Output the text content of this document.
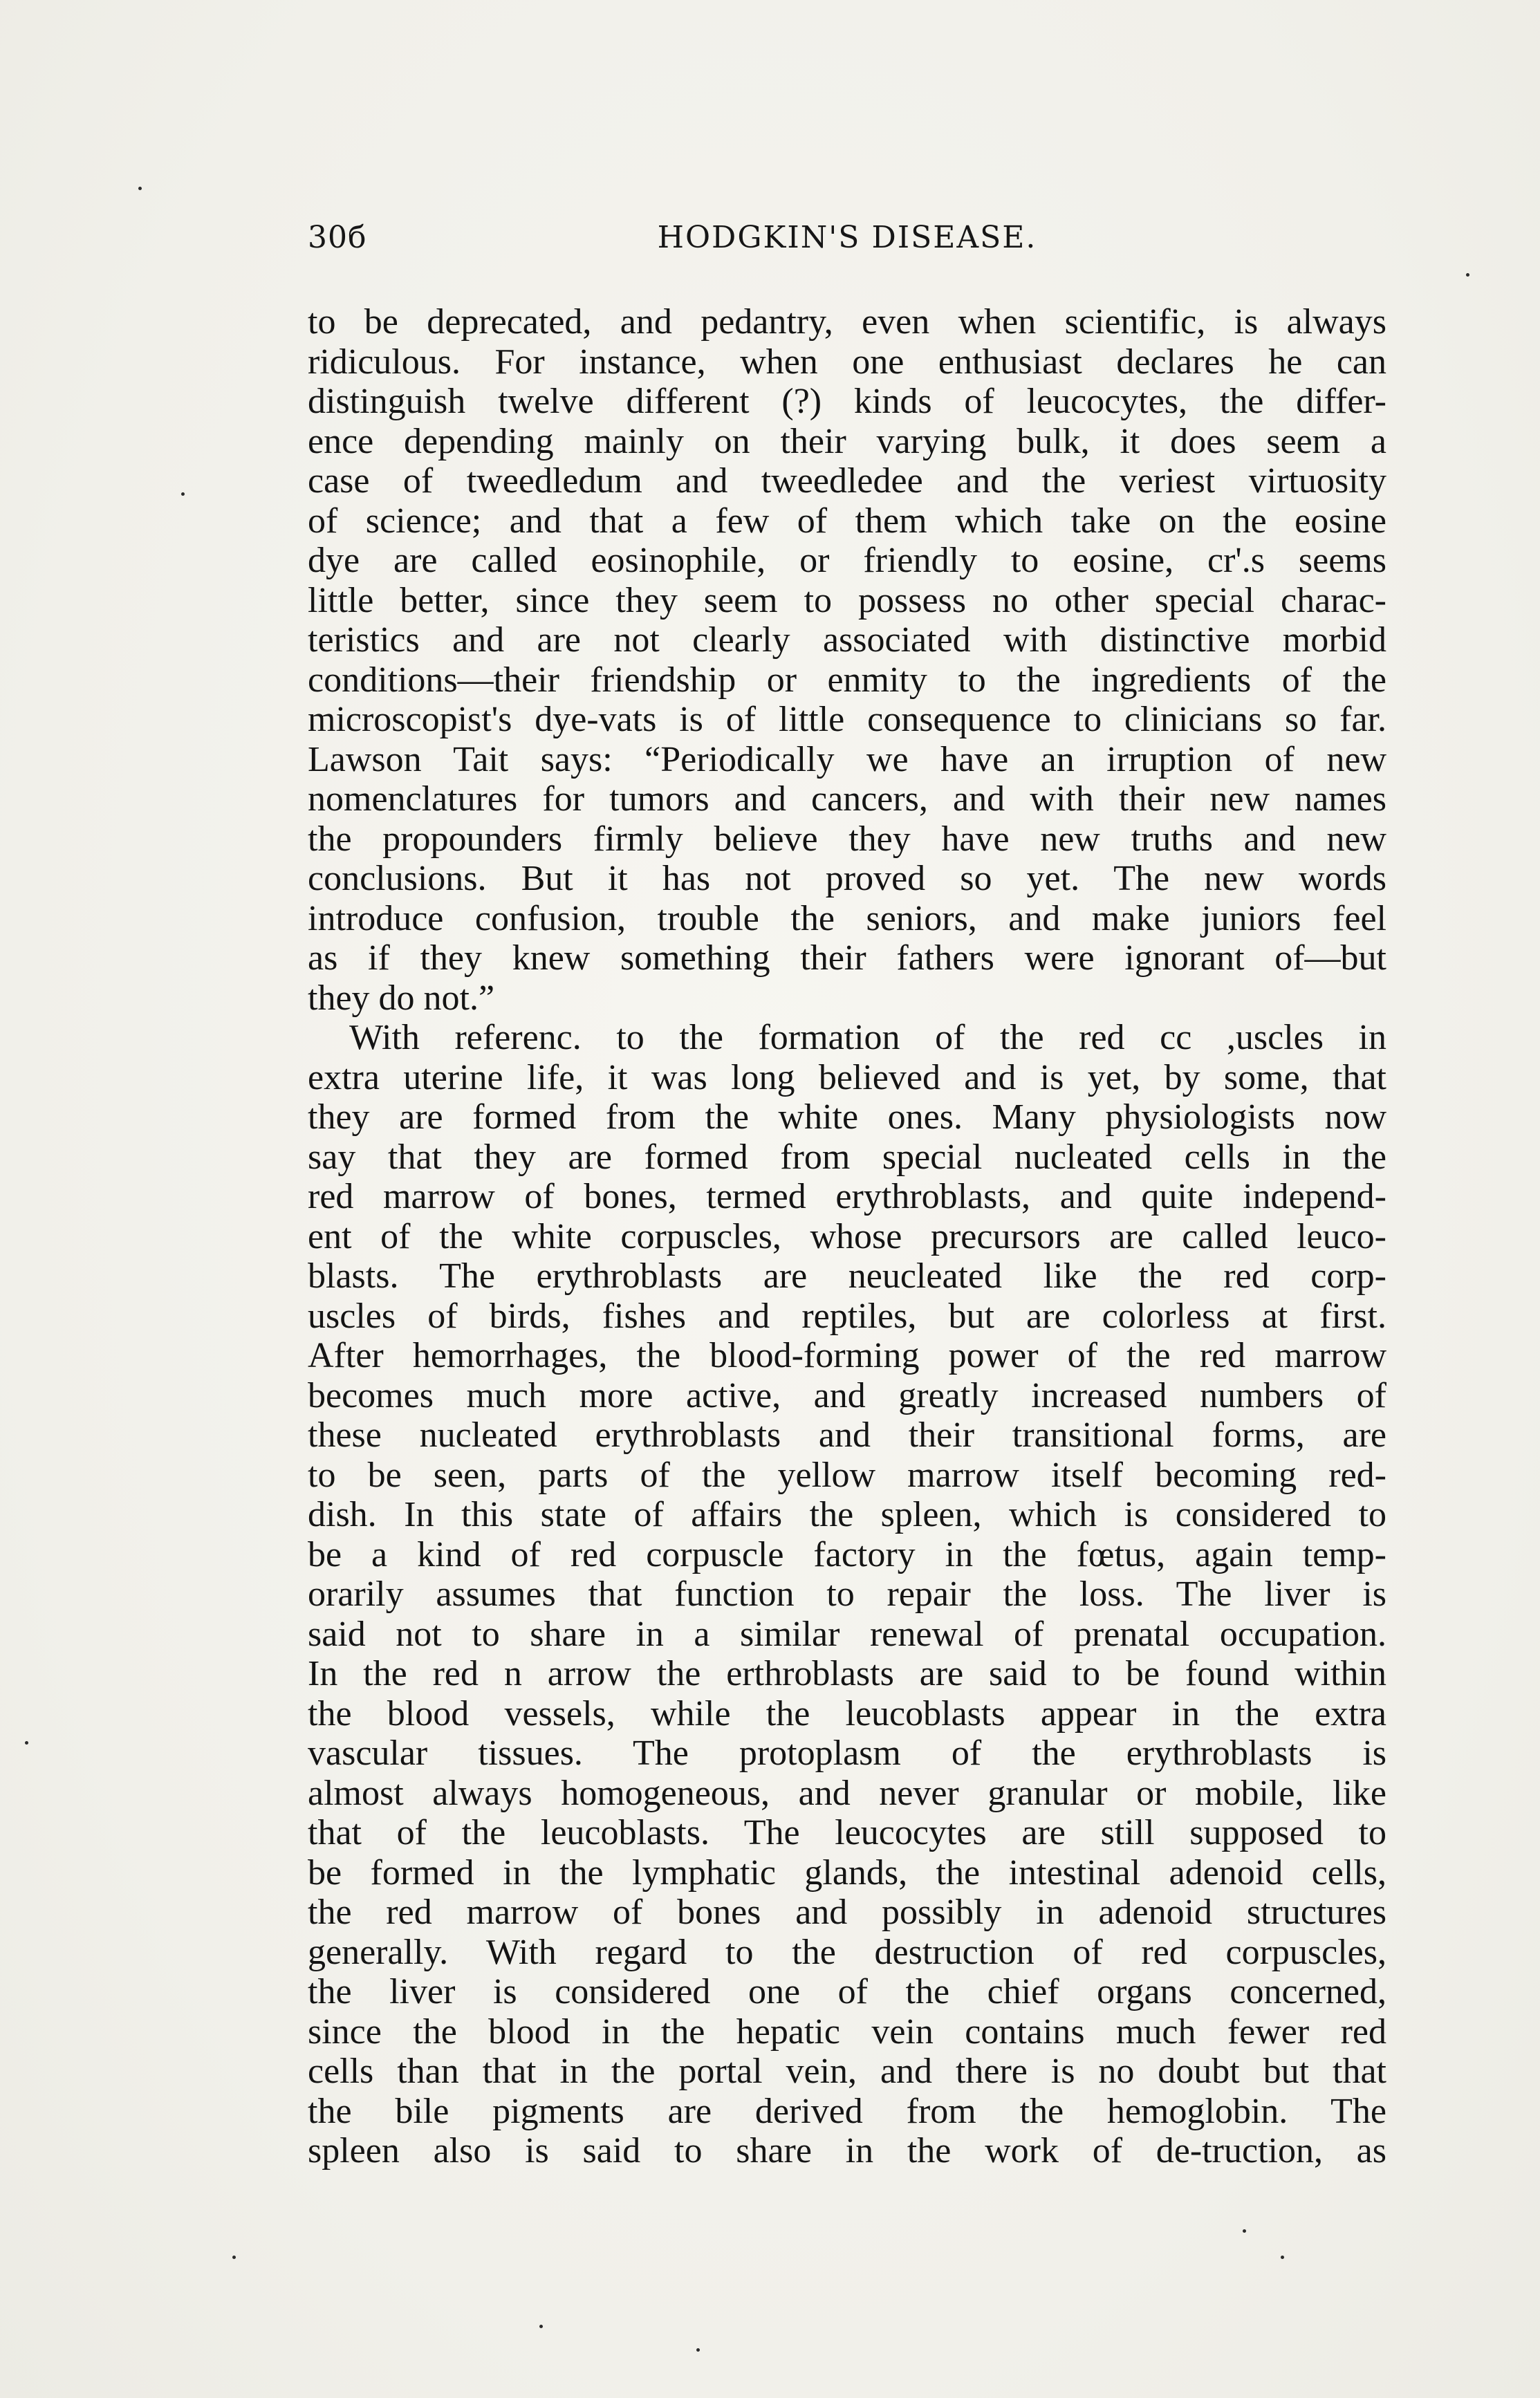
30б	HODGKIN'S DISEASE.
to be deprecated, and pedantry, even when scientific, is always
ridiculous. For instance, when one enthusiast declares he can
distinguish twelve different (?) kinds of leucocytes, the differ-
ence depending mainly on their varying bulk, it does seem a
case of tweedledum and tweedledee and the veriest virtuosity
of science; and that a few of them which take on the eosine
dye are called eosinophile, or friendly to eosine, cr'.s seems
little better, since they seem to possess no other special charac-
teristics and are not clearly associated with distinctive morbid
conditions—their friendship or enmity to the ingredients of the
microscopist's dye-vats is of little consequence to clinicians so far.
Lawson Tait says: “Periodically we have an irruption of new
nomenclatures for tumors and cancers, and with their new names
the propounders firmly believe they have new truths and new
conclusions. But it has not proved so yet. The new words
introduce confusion, trouble the seniors, and make juniors feel
as if they knew something their fathers were ignorant of—but
they do not.”
With referenc. to the formation of the red cc ,uscles in
extra uterine life, it was long believed and is yet, by some, that
they are formed from the white ones. Many physiologists now
say that they are formed from special nucleated cells in the
red marrow of bones, termed erythroblasts, and quite independ-
ent of the white corpuscles, whose precursors are called leuco-
blasts. The erythroblasts are neucleated like the red corp-
uscles of birds, fishes and reptiles, but are colorless at first.
After hemorrhages, the blood-forming power of the red marrow
becomes much more active, and greatly increased numbers of
these nucleated erythroblasts and their transitional forms, are
to be seen, parts of the yellow marrow itself becoming red-
dish. In this state of affairs the spleen, which is considered to
be a kind of red corpuscle factory in the fœtus, again temp-
orarily assumes that function to repair the loss. The liver is
said not to share in a similar renewal of prenatal occupation.
In the red n arrow the erthroblasts are said to be found within
the blood vessels, while the leucoblasts appear in the extra
vascular tissues. The protoplasm of the erythroblasts is
almost always homogeneous, and never granular or mobile, like
that of the leucoblasts. The leucocytes are still supposed to
be formed in the lymphatic glands, the intestinal adenoid cells,
the red marrow of bones and possibly in adenoid structures
generally. With regard to the destruction of red corpuscles,
the liver is considered one of the chief organs concerned,
since the blood in the hepatic vein contains much fewer red
cells than that in the portal vein, and there is no doubt but that
the bile pigments are derived from the hemoglobin. The
spleen also is said to share in the work of de-truction, as
